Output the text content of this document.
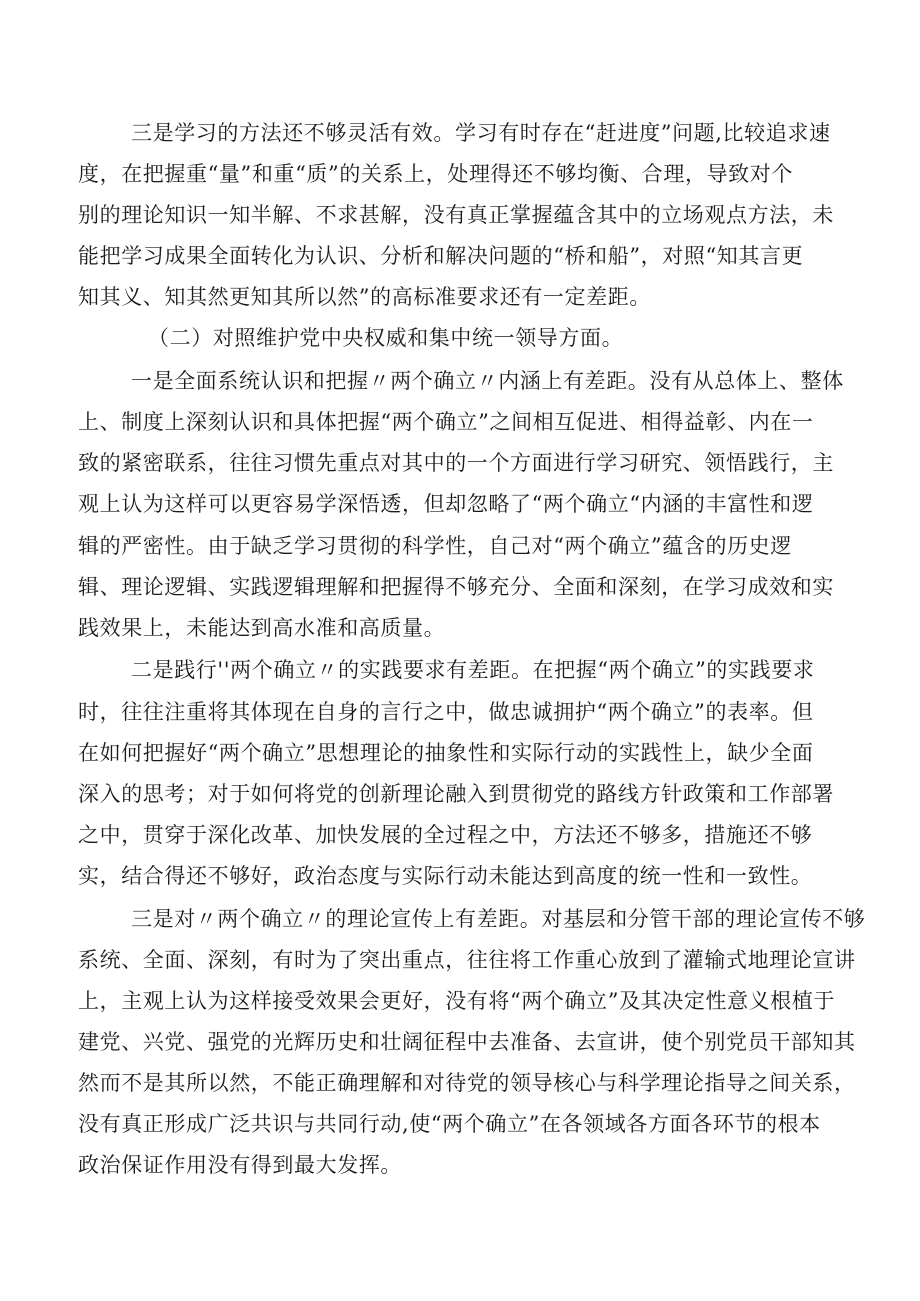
三是学习的方法还不够灵活有效。学习有时存在“赶进度”问题,比较追求速
度，在把握重“量”和重“质”的关系上，处理得还不够均衡、合理，导致对个
别的理论知识一知半解、不求甚解，没有真正掌握蕴含其中的立场观点方法，未
能把学习成果全面转化为认识、分析和解决问题的“桥和船”，对照“知其言更
知其义、知其然更知其所以然”的高标准要求还有一定差距。
（二）对照维护党中央权威和集中统一领导方面。
一是全面系统认识和把握〃两个确立〃内涵上有差距。没有从总体上、整体
上、制度上深刻认识和具体把握“两个确立”之间相互促进、相得益彰、内在一
致的紧密联系，往往习惯先重点对其中的一个方面进行学习研究、领悟践行，主
观上认为这样可以更容易学深悟透，但却忽略了“两个确立“内涵的丰富性和逻
辑的严密性。由于缺乏学习贯彻的科学性，自己对“两个确立”蕴含的历史逻
辑、理论逻辑、实践逻辑理解和把握得不够充分、全面和深刻，在学习成效和实
践效果上，未能达到高水准和高质量。
二是践行''两个确立〃的实践要求有差距。在把握“两个确立”的实践要求
时，往往注重将其体现在自身的言行之中，做忠诚拥护“两个确立”的表率。但
在如何把握好“两个确立”思想理论的抽象性和实际行动的实践性上，缺少全面
深入的思考；对于如何将党的创新理论融入到贯彻党的路线方针政策和工作部署
之中，贯穿于深化改革、加快发展的全过程之中，方法还不够多，措施还不够
实，结合得还不够好，政治态度与实际行动未能达到高度的统一性和一致性。
三是对〃两个确立〃的理论宣传上有差距。对基层和分管干部的理论宣传不够
系统、全面、深刻，有时为了突出重点，往往将工作重心放到了灌输式地理论宣讲
上，主观上认为这样接受效果会更好，没有将“两个确立”及其决定性意义根植于
建党、兴党、强党的光辉历史和壮阔征程中去准备、去宣讲，使个别党员干部知其
然而不是其所以然，不能正确理解和对待党的领导核心与科学理论指导之间关系，
没有真正形成广泛共识与共同行动,使“两个确立”在各领域各方面各环节的根本
政治保证作用没有得到最大发挥。
